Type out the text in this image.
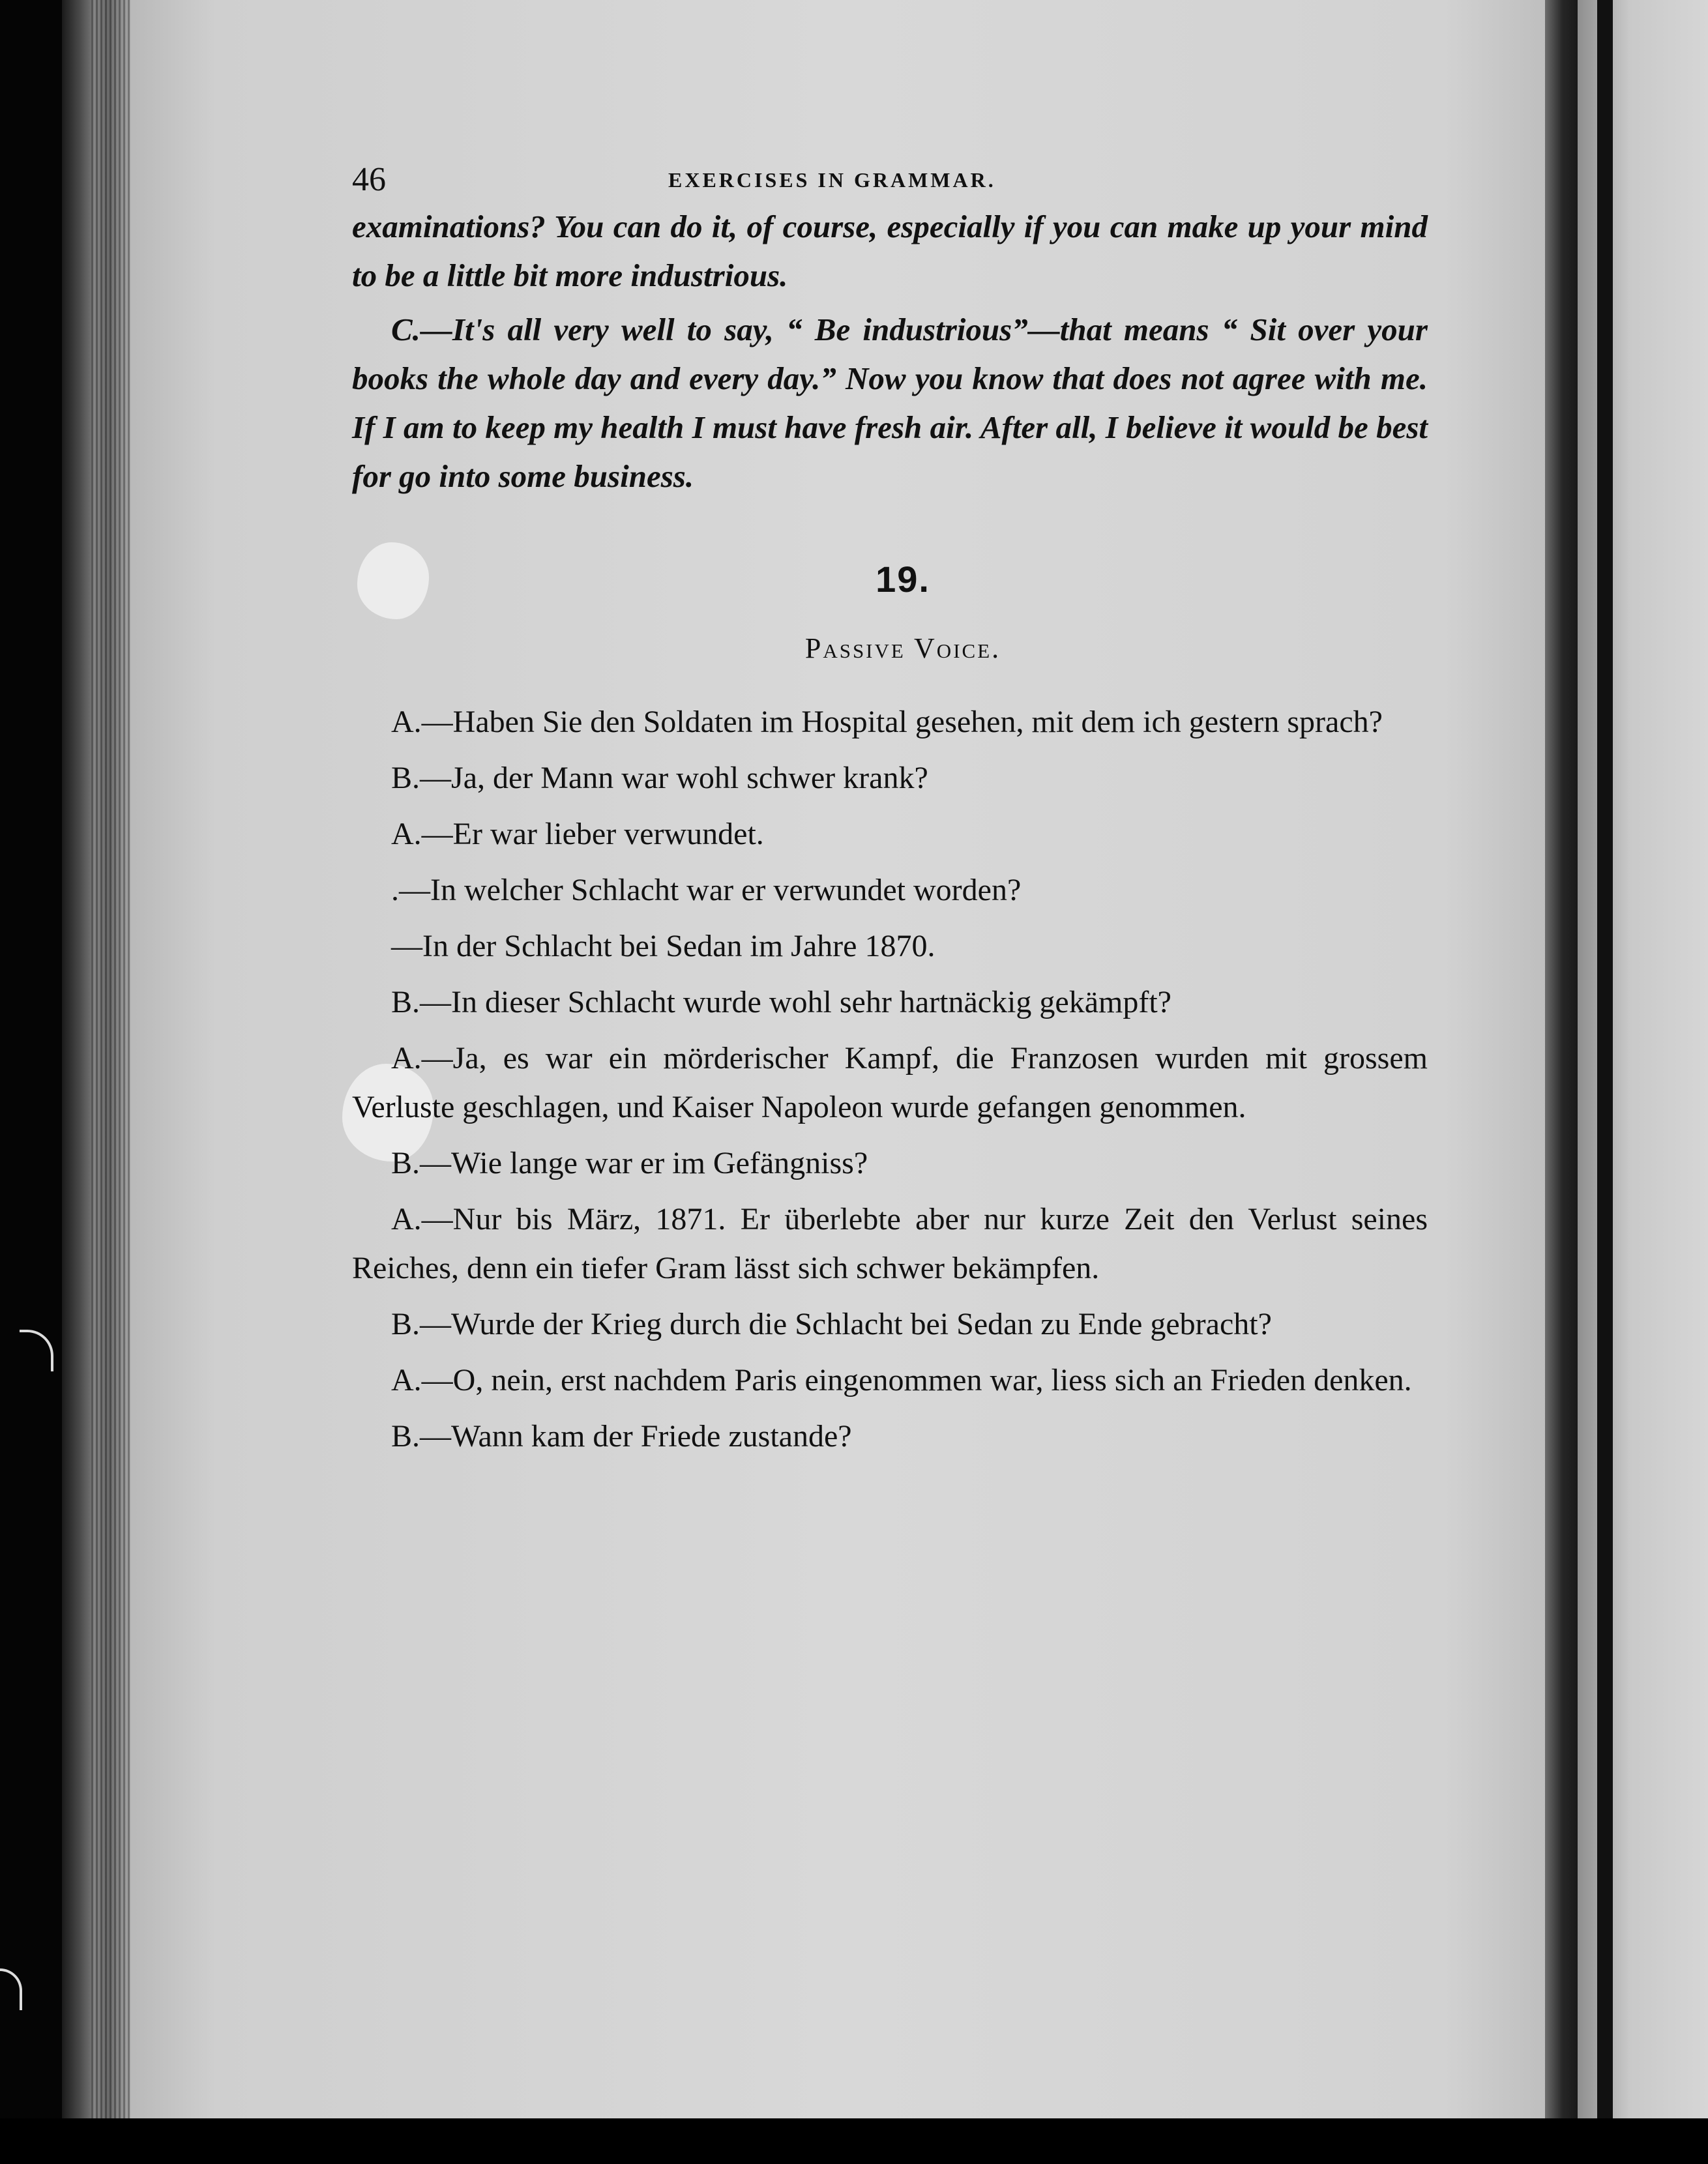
46	EXERCISES IN GRAMMAR.

examinations? You can do it, of course, especially if you can make up your mind to be a little bit more industrious.

C.—It's all very well to say, “ Be industrious”—that means “ Sit over your books the whole day and every day.” Now you know that does not agree with me. If I am to keep my health I must have fresh air. After all, I believe it would be best for go into some business.

19.
Passive Voice.

A.—Haben Sie den Soldaten im Hospital gesehen, mit dem ich gestern sprach?

B.—Ja, der Mann war wohl schwer krank?

A.—Er war lieber verwundet.

.—In welcher Schlacht war er verwundet worden?

—In der Schlacht bei Sedan im Jahre 1870.

B.—In dieser Schlacht wurde wohl sehr hartnäckig gekämpft?

A.—Ja, es war ein mörderischer Kampf, die Franzosen wurden mit grossem Verluste geschlagen, und Kaiser Napoleon wurde gefangen genommen.

B.—Wie lange war er im Gefängniss?

A.—Nur bis März, 1871. Er überlebte aber nur kurze Zeit den Verlust seines Reiches, denn ein tiefer Gram lässt sich schwer bekämpfen.

B.—Wurde der Krieg durch die Schlacht bei Sedan zu Ende gebracht?

A.—O, nein, erst nachdem Paris eingenommen war, liess sich an Frieden denken.

B.—Wann kam der Friede zustande?
